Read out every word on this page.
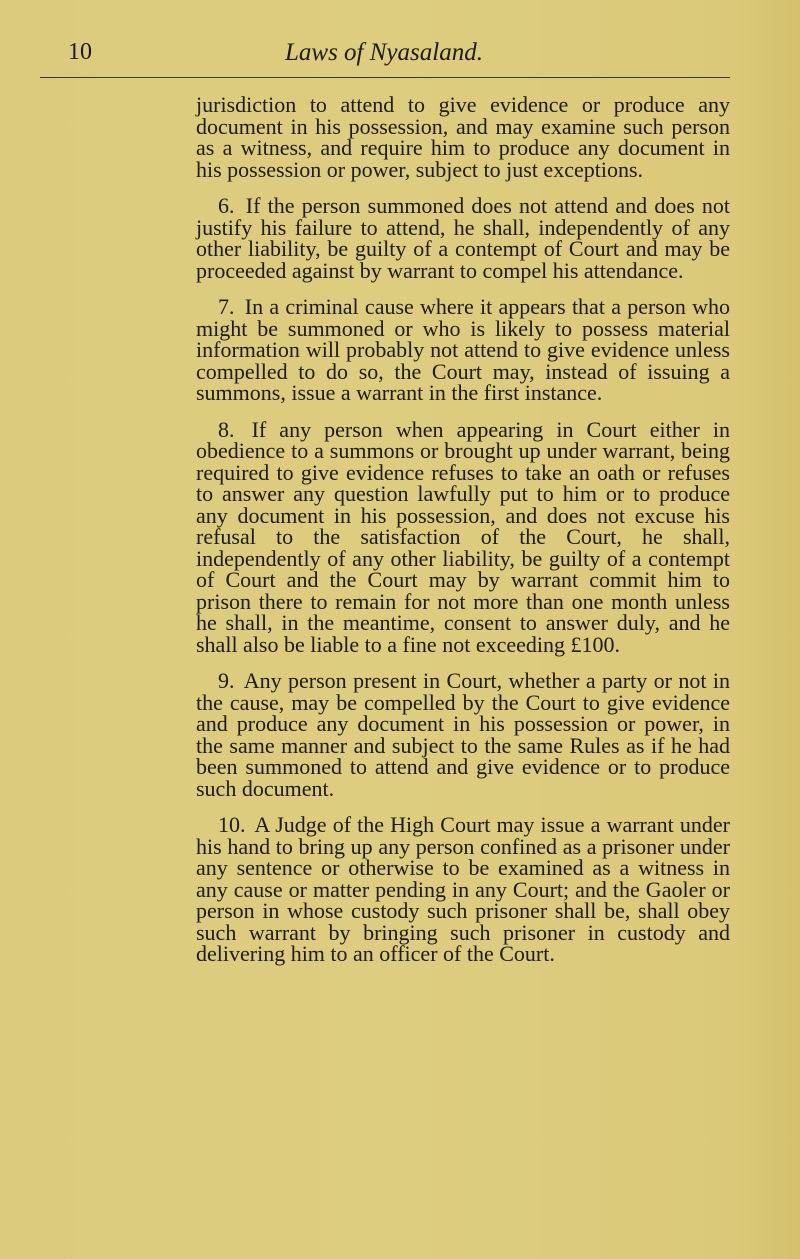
10	Laws of Nyasaland.

jurisdiction to attend to give evidence or produce any document in his possession, and may examine such person as a witness, and require him to produce any document in his possession or power, subject to just exceptions.

6. If the person summoned does not attend and does not justify his failure to attend, he shall, independently of any other liability, be guilty of a contempt of Court and may be proceeded against by warrant to compel his attendance.

7. In a criminal cause where it appears that a person who might be summoned or who is likely to possess material information will probably not attend to give evidence unless compelled to do so, the Court may, instead of issuing a summons, issue a warrant in the first instance.

8. If any person when appearing in Court either in obedience to a summons or brought up under warrant, being required to give evidence refuses to take an oath or refuses to answer any question lawfully put to him or to produce any document in his possession, and does not excuse his refusal to the satisfaction of the Court, he shall, independently of any other liability, be guilty of a contempt of Court and the Court may by warrant commit him to prison there to remain for not more than one month unless he shall, in the meantime, consent to answer duly, and he shall also be liable to a fine not exceeding £100.

9. Any person present in Court, whether a party or not in the cause, may be compelled by the Court to give evidence and produce any document in his possession or power, in the same manner and subject to the same Rules as if he had been summoned to attend and give evidence or to produce such document.

10. A Judge of the High Court may issue a warrant under his hand to bring up any person confined as a prisoner under any sentence or otherwise to be examined as a witness in any cause or matter pending in any Court; and the Gaoler or person in whose custody such prisoner shall be, shall obey such warrant by bringing such prisoner in custody and delivering him to an officer of the Court.
